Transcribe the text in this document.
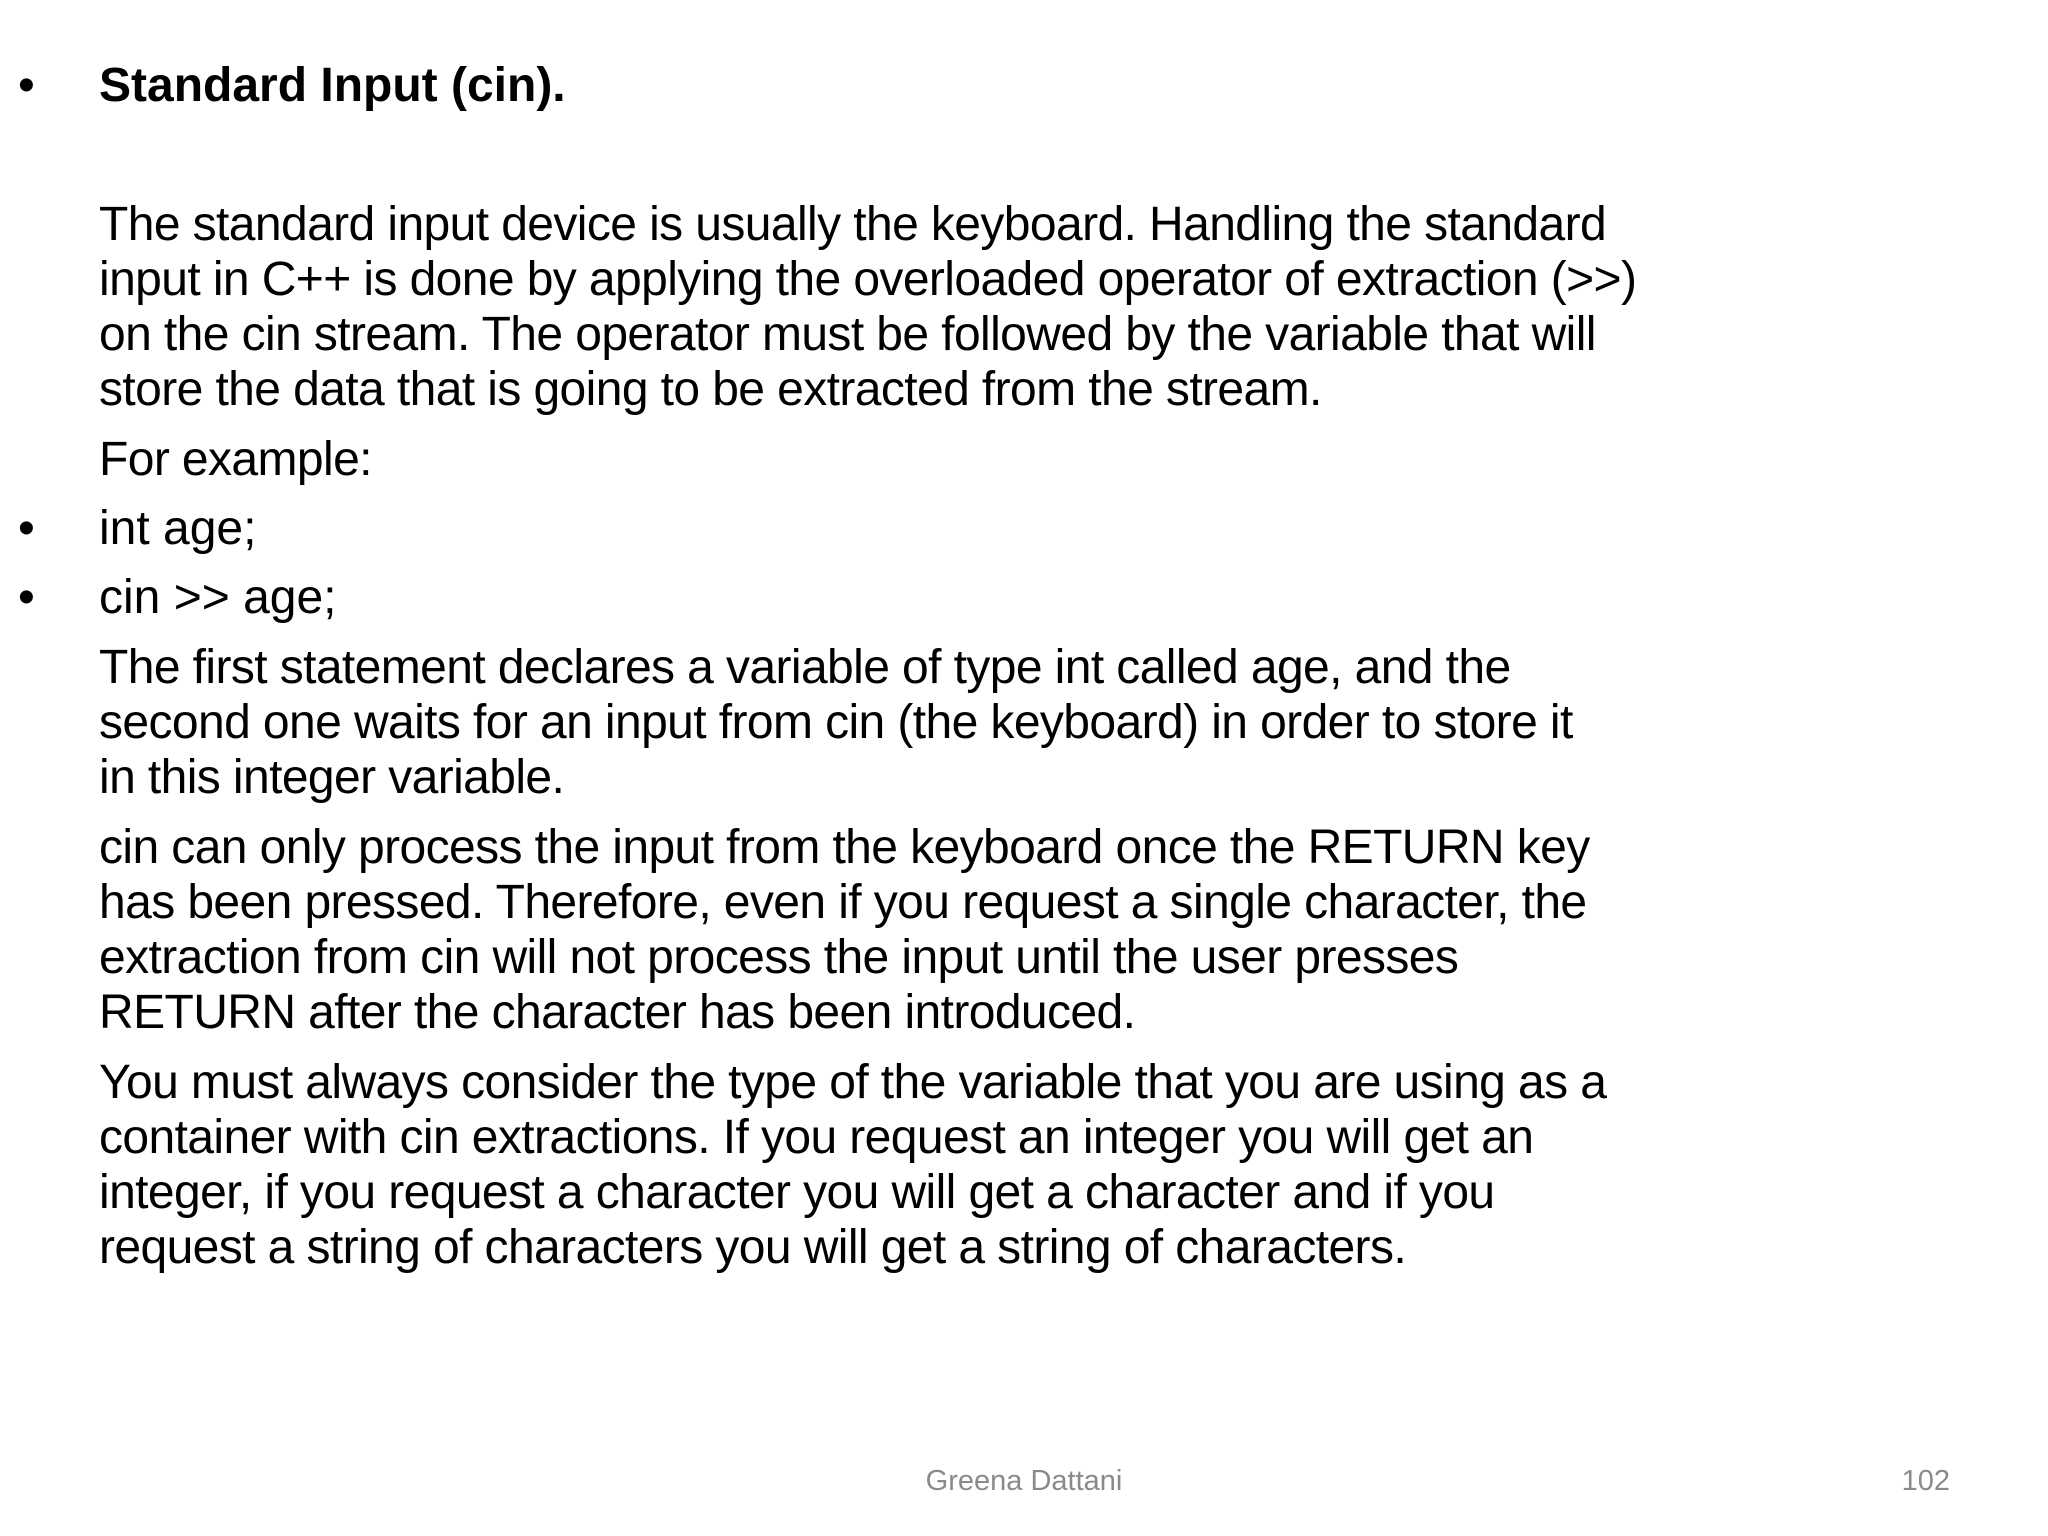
• Standard Input (cin).
The standard input device is usually the keyboard. Handling the standard
input in C++ is done by applying the overloaded operator of extraction (>>)
on the cin stream. The operator must be followed by the variable that will
store the data that is going to be extracted from the stream.
For example:
• int age;
• cin >> age;
The first statement declares a variable of type int called age, and the
second one waits for an input from cin (the keyboard) in order to store it
in this integer variable.
cin can only process the input from the keyboard once the RETURN key
has been pressed. Therefore, even if you request a single character, the
extraction from cin will not process the input until the user presses
RETURN after the character has been introduced.
You must always consider the type of the variable that you are using as a
container with cin extractions. If you request an integer you will get an
integer, if you request a character you will get a character and if you
request a string of characters you will get a string of characters.
Greena Dattani	102
